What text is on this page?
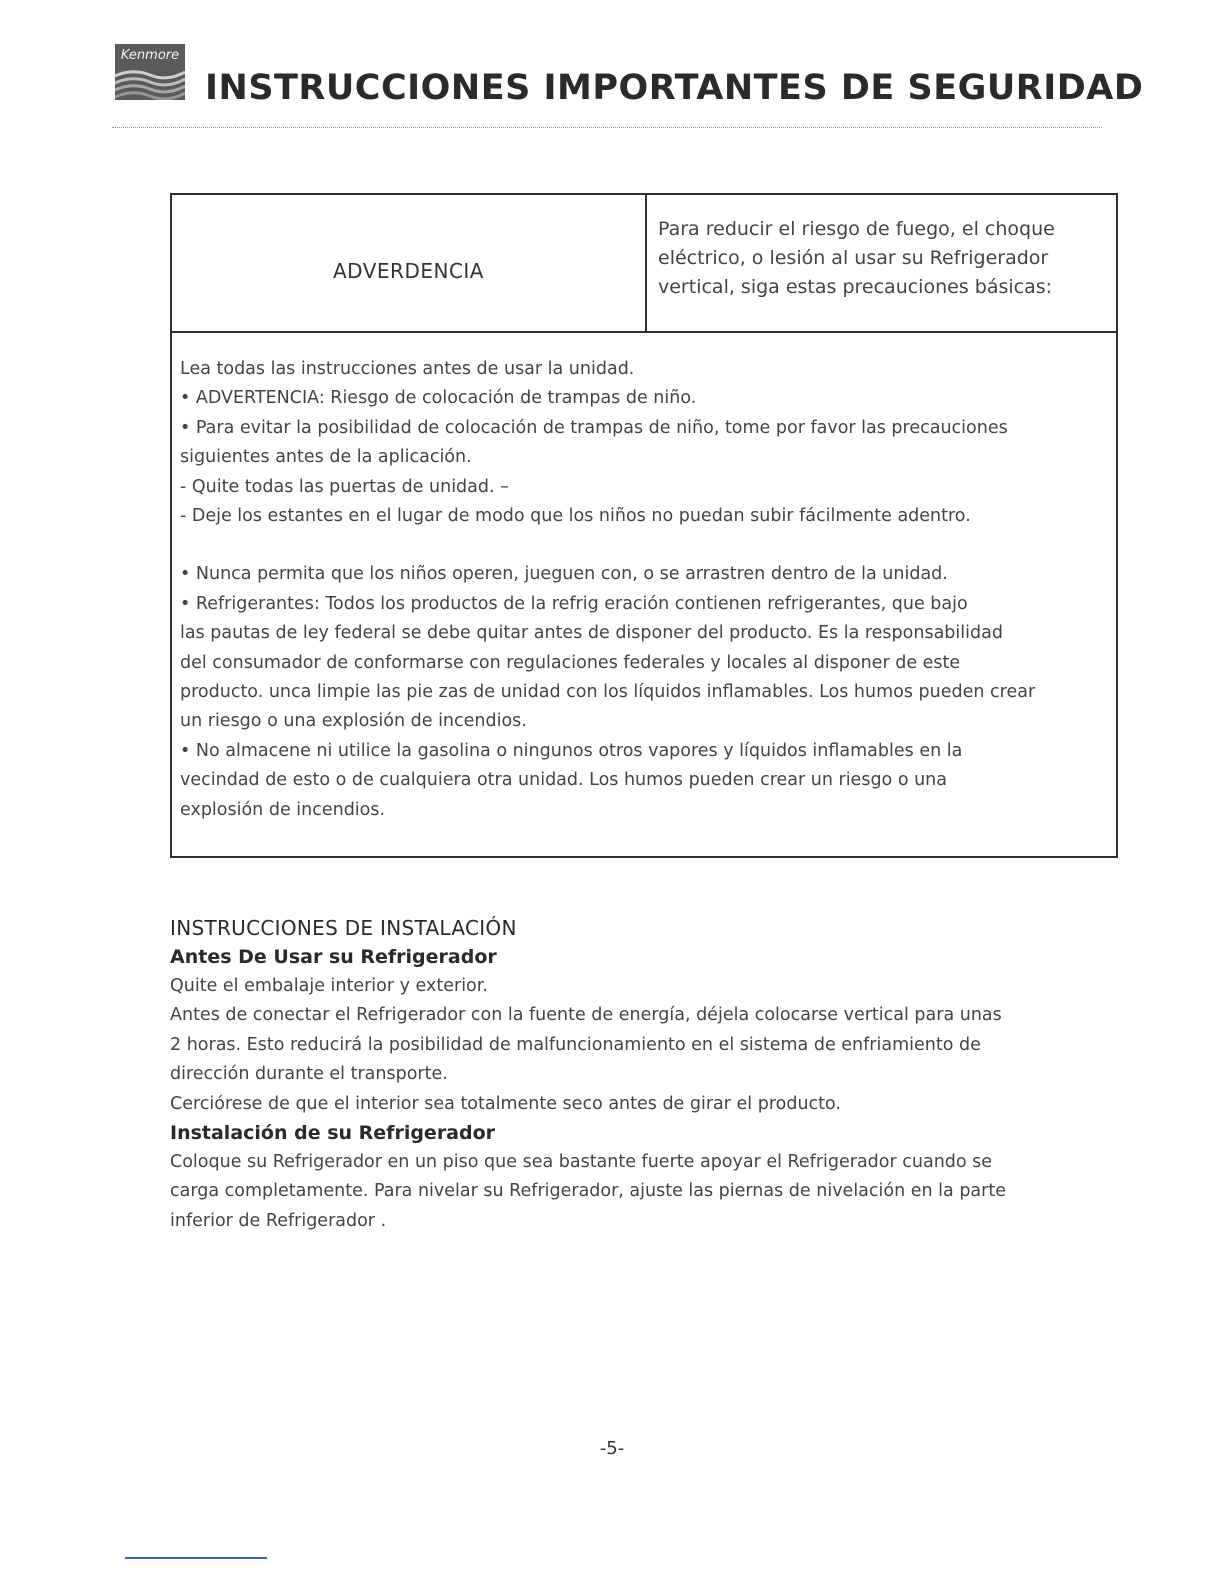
Kenmore
INSTRUCCIONES IMPORTANTES DE SEGURIDAD
ADVERDENCIA
Para reducir el riesgo de fuego, el choque
eléctrico, o lesión al usar su Refrigerador
vertical, siga estas precauciones básicas:
Lea todas las instrucciones antes de usar la unidad.
• ADVERTENCIA: Riesgo de colocación de trampas de niño.
• Para evitar la posibilidad de colocación de trampas de niño, tome por favor las precauciones
siguientes antes de la aplicación.
- Quite todas las puertas de unidad. –
- Deje los estantes en el lugar de modo que los niños no puedan subir fácilmente adentro.
• Nunca permita que los niños operen, jueguen con, o se arrastren dentro de la unidad.
• Refrigerantes: Todos los productos de la refrig eración contienen refrigerantes, que bajo
las pautas de ley federal se debe quitar antes de disponer del producto. Es la responsabilidad
del consumador de conformarse con regulaciones federales y locales al disponer de este
producto. unca limpie las pie zas de unidad con los líquidos inflamables. Los humos pueden crear
un riesgo o una explosión de incendios.
• No almacene ni utilice la gasolina o ningunos otros vapores y líquidos inflamables en la
vecindad de esto o de cualquiera otra unidad. Los humos pueden crear un riesgo o una
explosión de incendios.
INSTRUCCIONES DE INSTALACIÓN
Antes De Usar su Refrigerador
Quite el embalaje interior y exterior.
Antes de conectar el Refrigerador con la fuente de energía, déjela colocarse vertical para unas
2 horas. Esto reducirá la posibilidad de malfuncionamiento en el sistema de enfriamiento de
dirección durante el transporte.
Cerciórese de que el interior sea totalmente seco antes de girar el producto.
Instalación de su Refrigerador
Coloque su Refrigerador en un piso que sea bastante fuerte apoyar el Refrigerador cuando se
carga completamente. Para nivelar su Refrigerador, ajuste las piernas de nivelación en la parte
inferior de Refrigerador .
-5-
